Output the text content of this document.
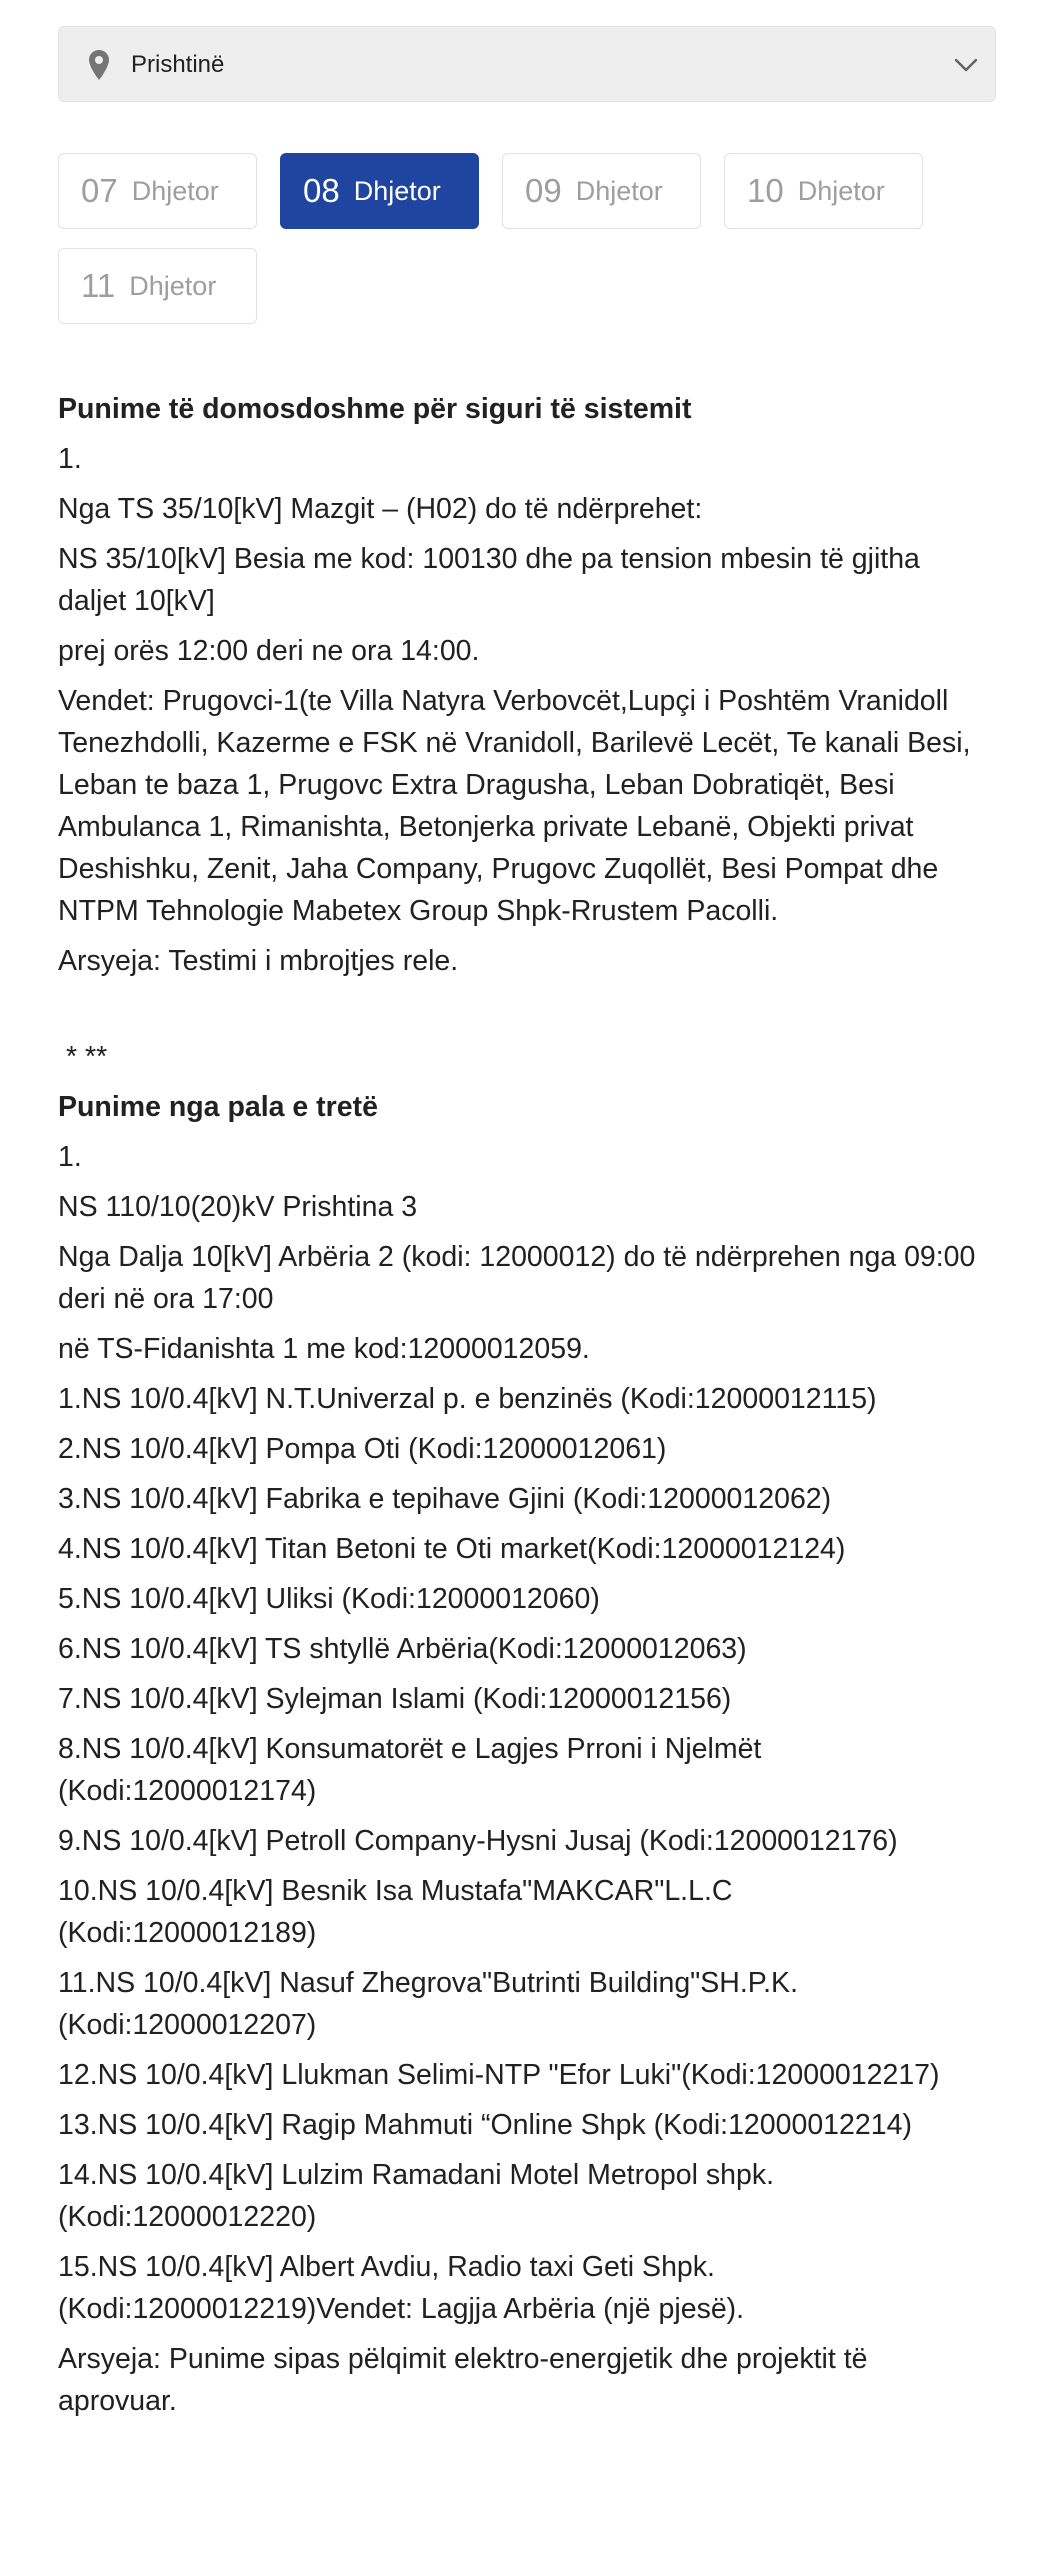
Prishtinë
07 Dhjetor	08 Dhjetor	09 Dhjetor	10 Dhjetor
11 Dhjetor

Punime të domosdoshme për siguri të sistemit

1.

Nga TS 35/10[kV] Mazgit – (H02) do të ndërprehet:

NS 35/10[kV] Besia me kod: 100130 dhe pa tension mbesin të gjitha daljet 10[kV]

prej orës 12:00 deri ne ora 14:00.

Vendet: Prugovci-1(te Villa Natyra Verbovcët,Lupçi i Poshtëm Vranidoll Tenezhdolli, Kazerme e FSK në Vranidoll, Barilevë Lecët, Te kanali Besi, Leban te baza 1, Prugovc Extra Dragusha, Leban Dobratiqët, Besi Ambulanca 1, Rimanishta, Betonjerka private Lebanë, Objekti privat Deshishku, Zenit, Jaha Company, Prugovc Zuqollët, Besi Pompat dhe NTPM Tehnologie Mabetex Group Shpk-Rrustem Pacolli.

Arsyeja: Testimi i mbrojtjes rele.

* **

Punime nga pala e tretë

1.

NS 110/10(20)kV Prishtina 3

Nga Dalja 10[kV] Arbëria 2 (kodi: 12000012) do të ndërprehen nga 09:00 deri në ora 17:00

në TS-Fidanishta 1 me kod:12000012059.

1.NS 10/0.4[kV] N.T.Univerzal p. e benzinës (Kodi:12000012115)

2.NS 10/0.4[kV] Pompa Oti (Kodi:12000012061)

3.NS 10/0.4[kV] Fabrika e tepihave Gjini (Kodi:12000012062)

4.NS 10/0.4[kV] Titan Betoni te Oti market(Kodi:12000012124)

5.NS 10/0.4[kV] Uliksi (Kodi:12000012060)

6.NS 10/0.4[kV] TS shtyllë Arbëria(Kodi:12000012063)

7.NS 10/0.4[kV] Sylejman Islami (Kodi:12000012156)

8.NS 10/0.4[kV] Konsumatorët e Lagjes Prroni i Njelmët (Kodi:12000012174)

9.NS 10/0.4[kV] Petroll Company-Hysni Jusaj (Kodi:12000012176)

10.NS 10/0.4[kV] Besnik Isa Mustafa"MAKCAR"L.L.C (Kodi:12000012189)

11.NS 10/0.4[kV] Nasuf Zhegrova"Butrinti Building"SH.P.K. (Kodi:12000012207)

12.NS 10/0.4[kV] Llukman Selimi-NTP "Efor Luki"(Kodi:12000012217)

13.NS 10/0.4[kV] Ragip Mahmuti “Online Shpk (Kodi:12000012214)

14.NS 10/0.4[kV] Lulzim Ramadani Motel Metropol shpk. (Kodi:12000012220)

15.NS 10/0.4[kV] Albert Avdiu, Radio taxi Geti Shpk. (Kodi:12000012219)Vendet: Lagjja Arbëria (një pjesë).

Arsyeja: Punime sipas pëlqimit elektro-energjetik dhe projektit të aprovuar.
